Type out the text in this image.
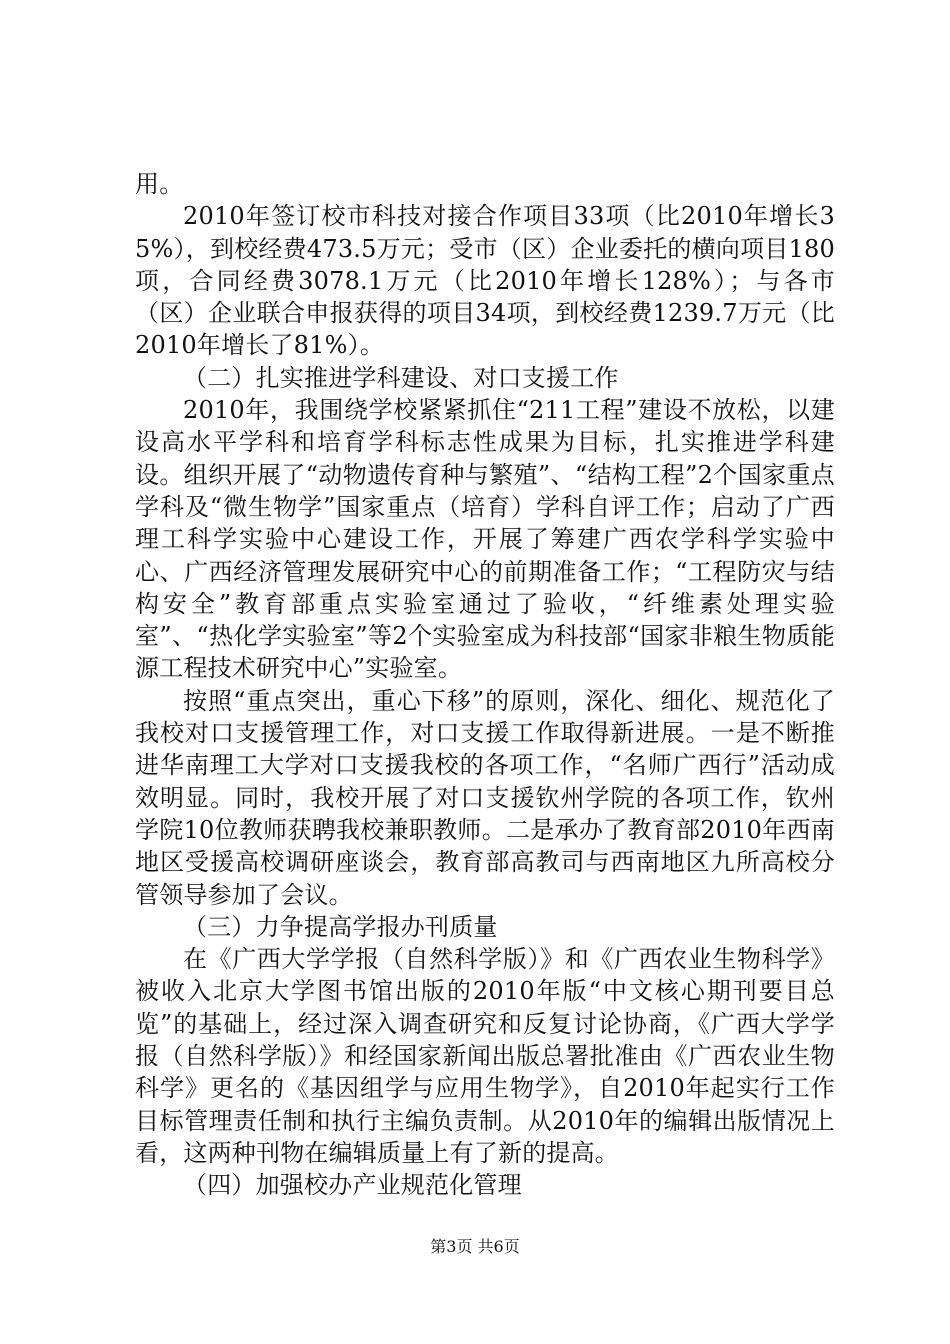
用。

2010年签订校市科技对接合作项目33项（比2010年增长35%），到校经费473.5万元；受市（区）企业委托的横向项目180项，合同经费3078.1万元（比2010年增长128%）；与各市（区）企业联合申报获得的项目34项，到校经费1239.7万元（比2010年增长了81%）。

（二）扎实推进学科建设、对口支援工作

2010年，我围绕学校紧紧抓住“211工程”建设不放松，以建设高水平学科和培育学科标志性成果为目标，扎实推进学科建设。组织开展了“动物遗传育种与繁殖”、“结构工程”2个国家重点学科及“微生物学”国家重点（培育）学科自评工作；启动了广西理工科学实验中心建设工作，开展了筹建广西农学科学实验中心、广西经济管理发展研究中心的前期准备工作；“工程防灾与结构安全”教育部重点实验室通过了验收，“纤维素处理实验室”、“热化学实验室”等2个实验室成为科技部“国家非粮生物质能源工程技术研究中心”实验室。

按照“重点突出，重心下移”的原则，深化、细化、规范化了我校对口支援管理工作，对口支援工作取得新进展。一是不断推进华南理工大学对口支援我校的各项工作，“名师广西行”活动成效明显。同时，我校开展了对口支援钦州学院的各项工作，钦州学院10位教师获聘我校兼职教师。二是承办了教育部2010年西南地区受援高校调研座谈会，教育部高教司与西南地区九所高校分管领导参加了会议。

（三）力争提高学报办刊质量

在《广西大学学报（自然科学版）》和《广西农业生物科学》被收入北京大学图书馆出版的2010年版“中文核心期刊要目总览”的基础上，经过深入调查研究和反复讨论协商，《广西大学学报（自然科学版）》和经国家新闻出版总署批准由《广西农业生物科学》更名的《基因组学与应用生物学》，自2010年起实行工作目标管理责任制和执行主编负责制。从2010年的编辑出版情况上看，这两种刊物在编辑质量上有了新的提高。

（四）加强校办产业规范化管理

第3页 共6页
